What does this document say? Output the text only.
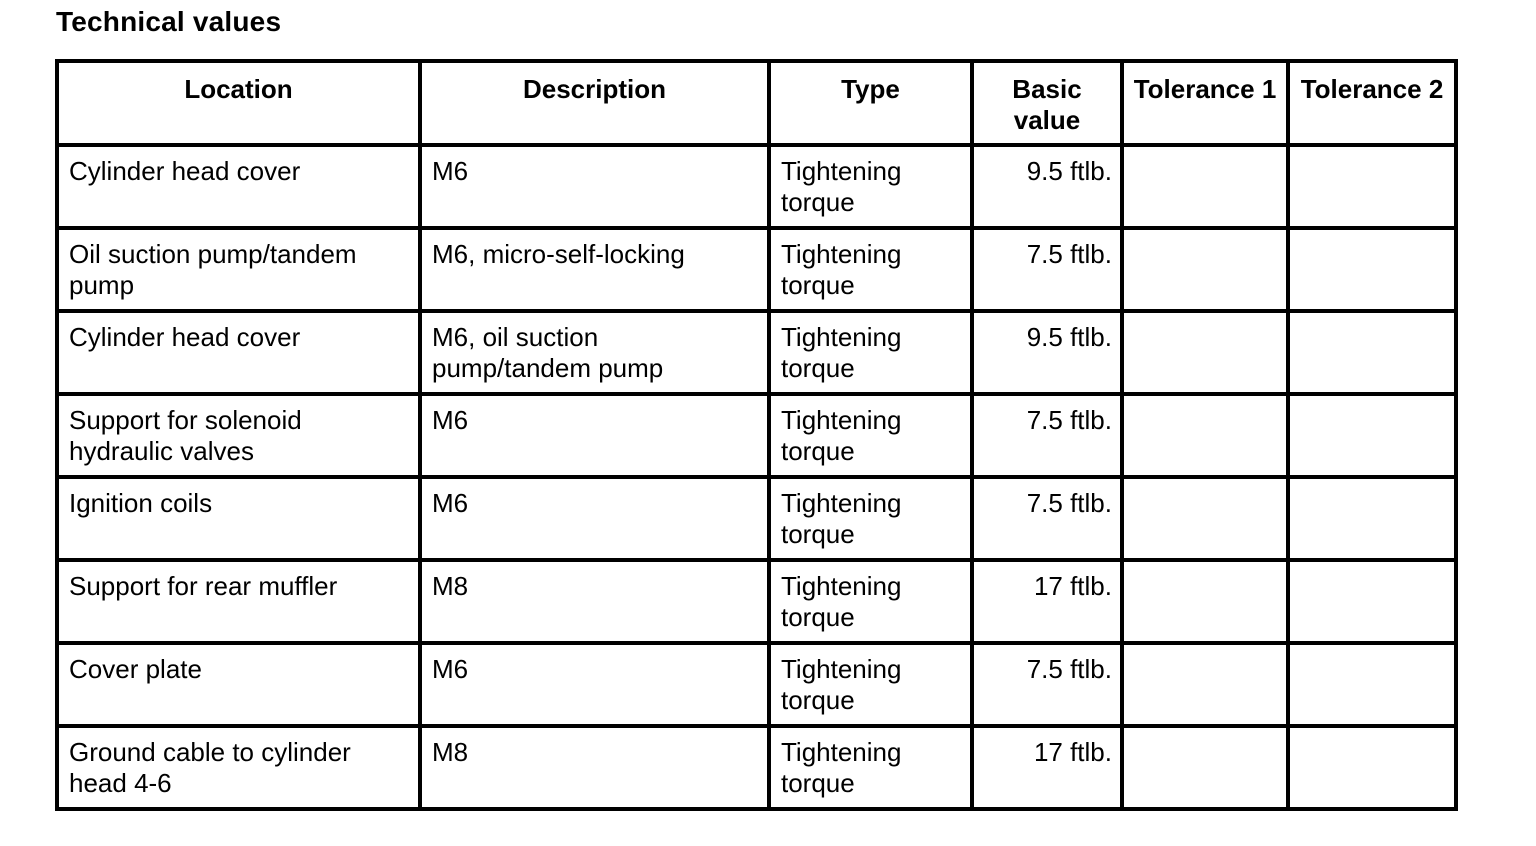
Technical values
Location	Description	Type	Basic value	Tolerance 1	Tolerance 2

Cylinder head cover	M6	Tightening torque	9.5 ftlb.		
Oil suction pump/tandem pump	M6, micro-self-locking	Tightening torque	7.5 ftlb.		
Cylinder head cover	M6, oil suction pump/tandem pump	Tightening torque	9.5 ftlb.		
Support for solenoid hydraulic valves	M6	Tightening torque	7.5 ftlb.		
Ignition coils	M6	Tightening torque	7.5 ftlb.		
Support for rear muffler	M8	Tightening torque	17 ftlb.		
Cover plate	M6	Tightening torque	7.5 ftlb.		
Ground cable to cylinder head 4-6	M8	Tightening torque	17 ftlb.		
